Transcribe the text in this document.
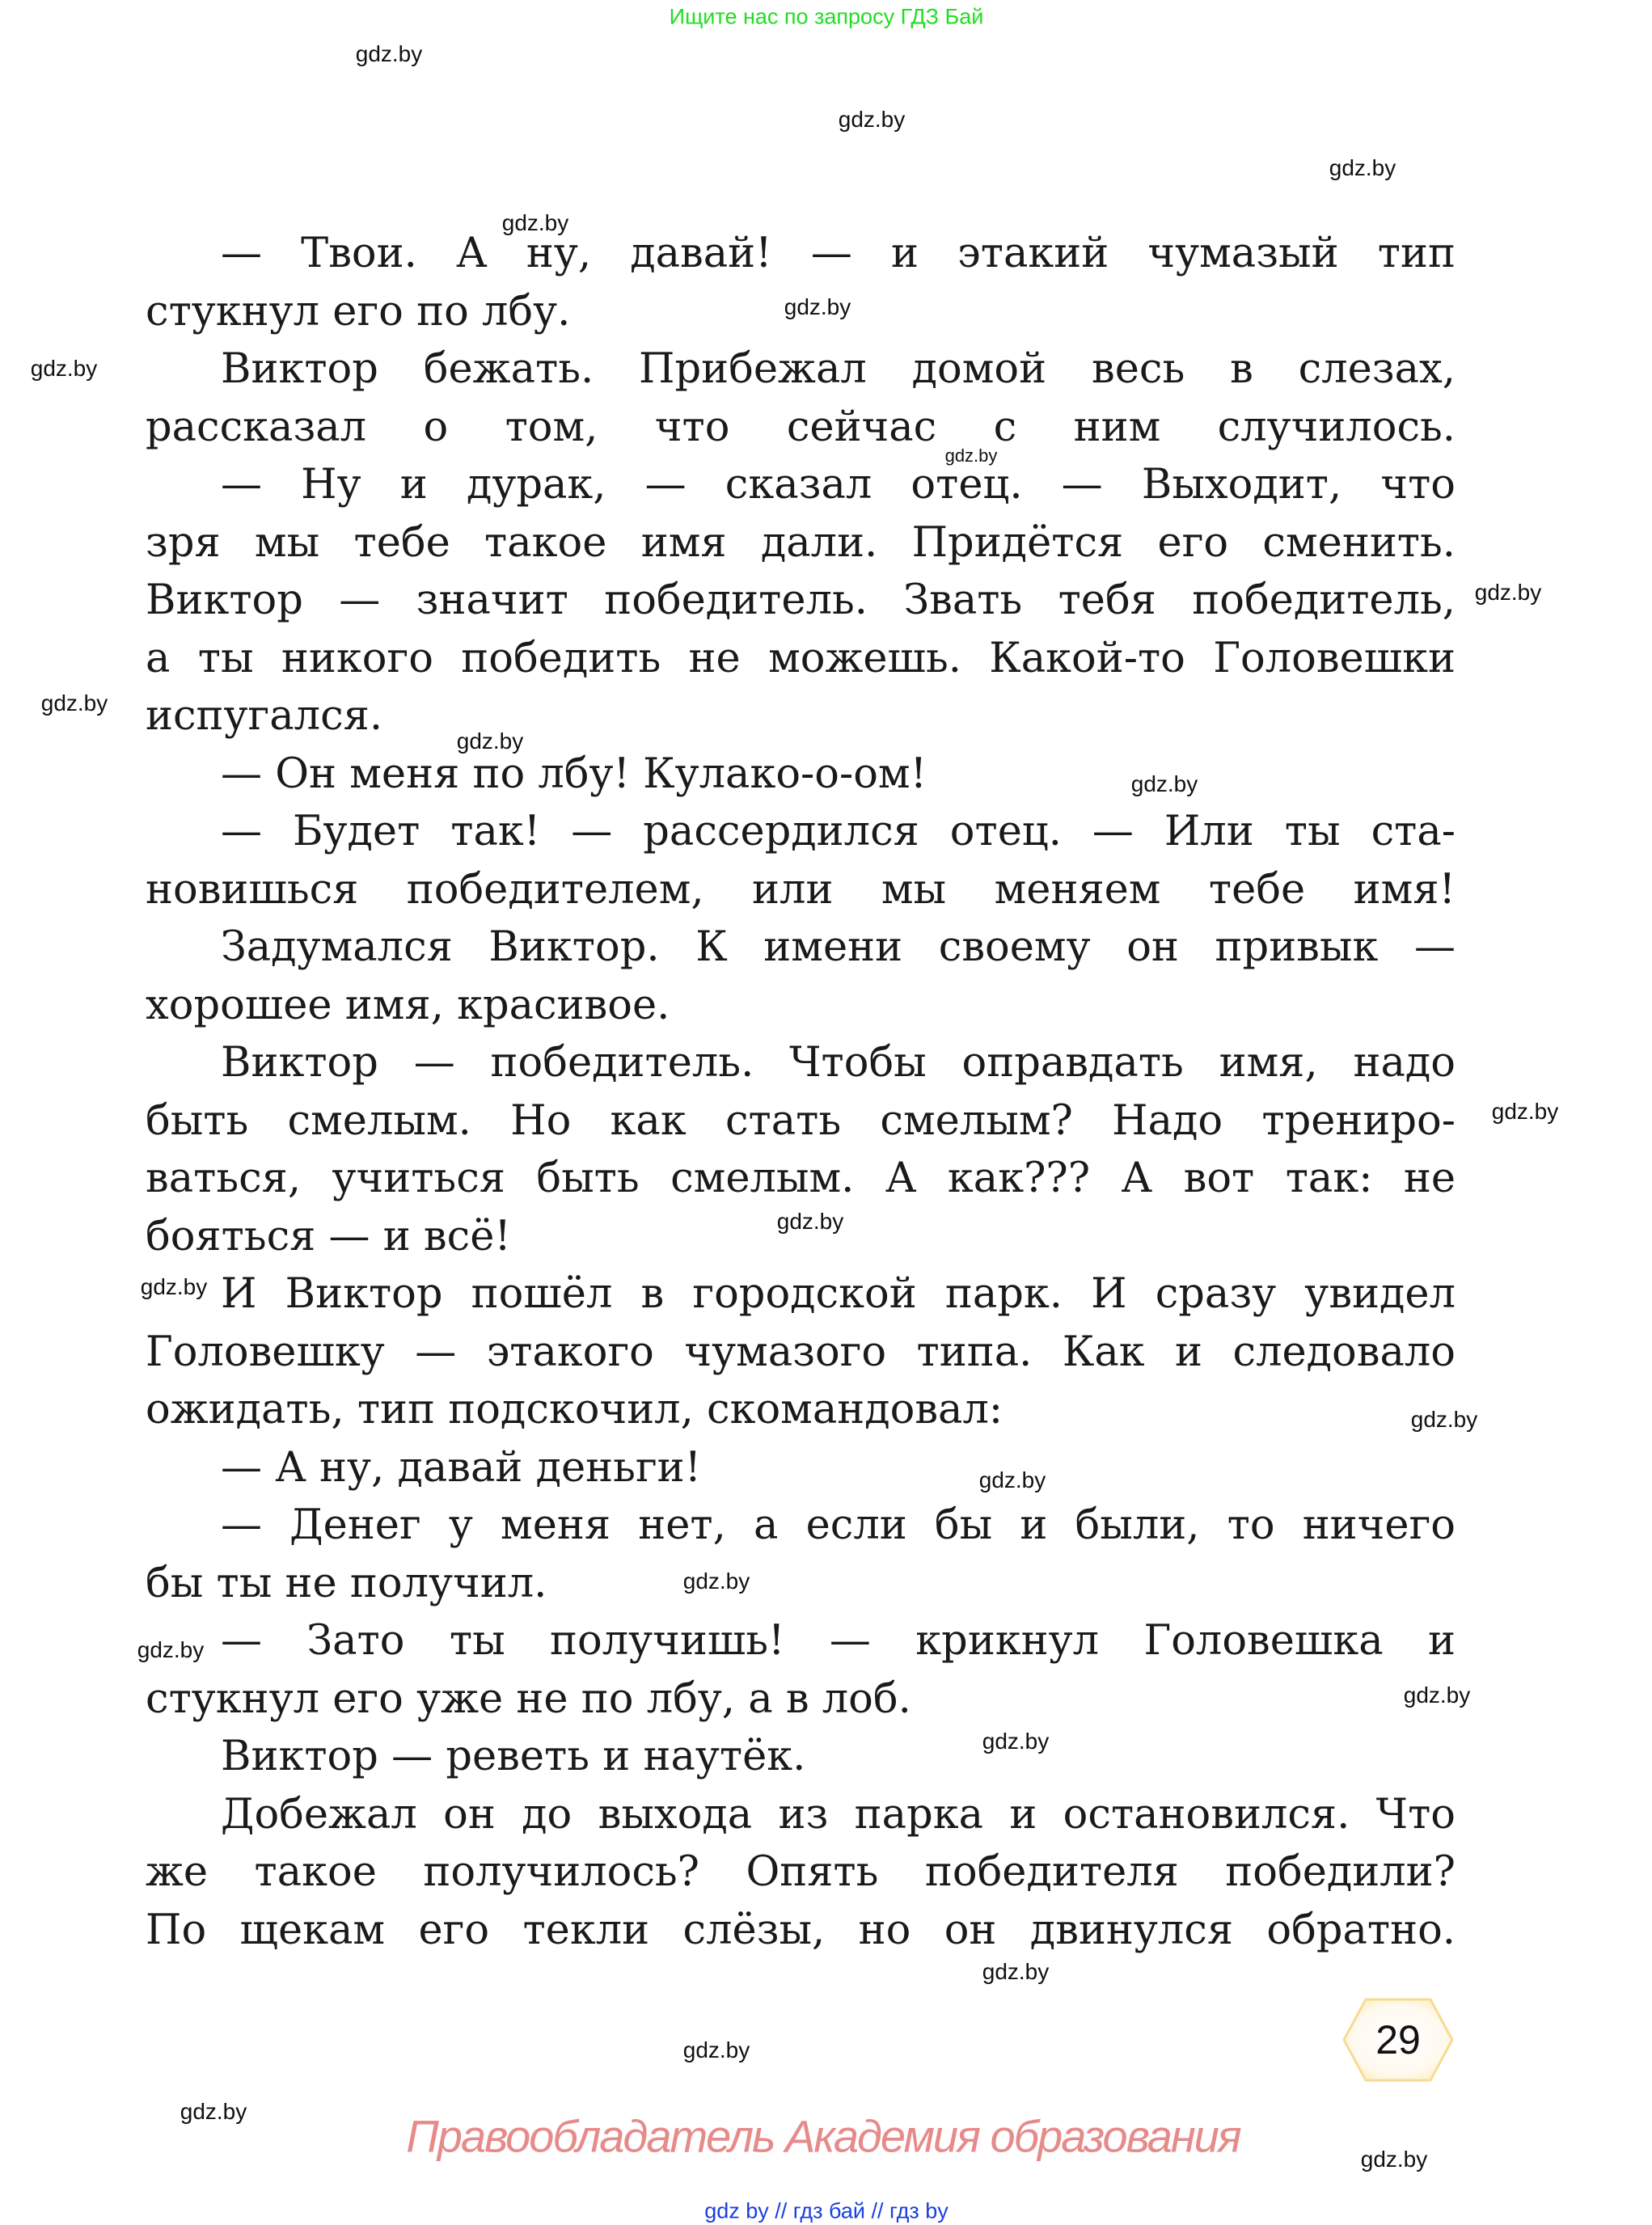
Ищите нас по запросу ГДЗ Бай
— Твои. А ну, давай! — и этакий чумазый тип
стукнул его по лбу.
Виктор бежать. Прибежал домой весь в слезах,
рассказал о том, что сейчас с ним случилось.
— Ну и дурак, — сказал отец. — Выходит, что
зря мы тебе такое имя дали. Придётся его сменить.
Виктор — значит победитель. Звать тебя победитель,
а ты никого победить не можешь. Какой-то Головешки
испугался.
— Он меня по лбу! Кулако-о-ом!
— Будет так! — рассердился отец. — Или ты ста-
новишься победителем, или мы меняем тебе имя!
Задумался Виктор. К имени своему он привык —
хорошее имя, красивое.
Виктор — победитель. Чтобы оправдать имя, надо
быть смелым. Но как стать смелым? Надо трениро-
ваться, учиться быть смелым. А как??? А вот так: не
бояться — и всё!
И Виктор пошёл в городской парк. И сразу увидел
Головешку — этакого чумазого типа. Как и следовало
ожидать, тип подскочил, скомандовал:
— А ну, давай деньги!
— Денег у меня нет, а если бы и были, то ничего
бы ты не получил.
— Зато ты получишь! — крикнул Головешка и
стукнул его уже не по лбу, а в лоб.
Виктор — реветь и наутёк.
Добежал он до выхода из парка и остановился. Что
же такое получилось? Опять победителя победили?
По щекам его текли слёзы, но он двинулся обратно.
gdz.by
gdz.by
gdz.by
gdz.by
gdz.by
gdz.by
gdz.by
gdz.by
gdz.by
gdz.by
gdz.by
gdz.by
gdz.by
gdz.by
gdz.by
gdz.by
gdz.by
gdz.by
gdz.by
gdz.by
gdz.by
gdz.by
gdz.by
gdz.by
29
Правообладатель Академия образования
gdz by // гдз бай // гдз by
